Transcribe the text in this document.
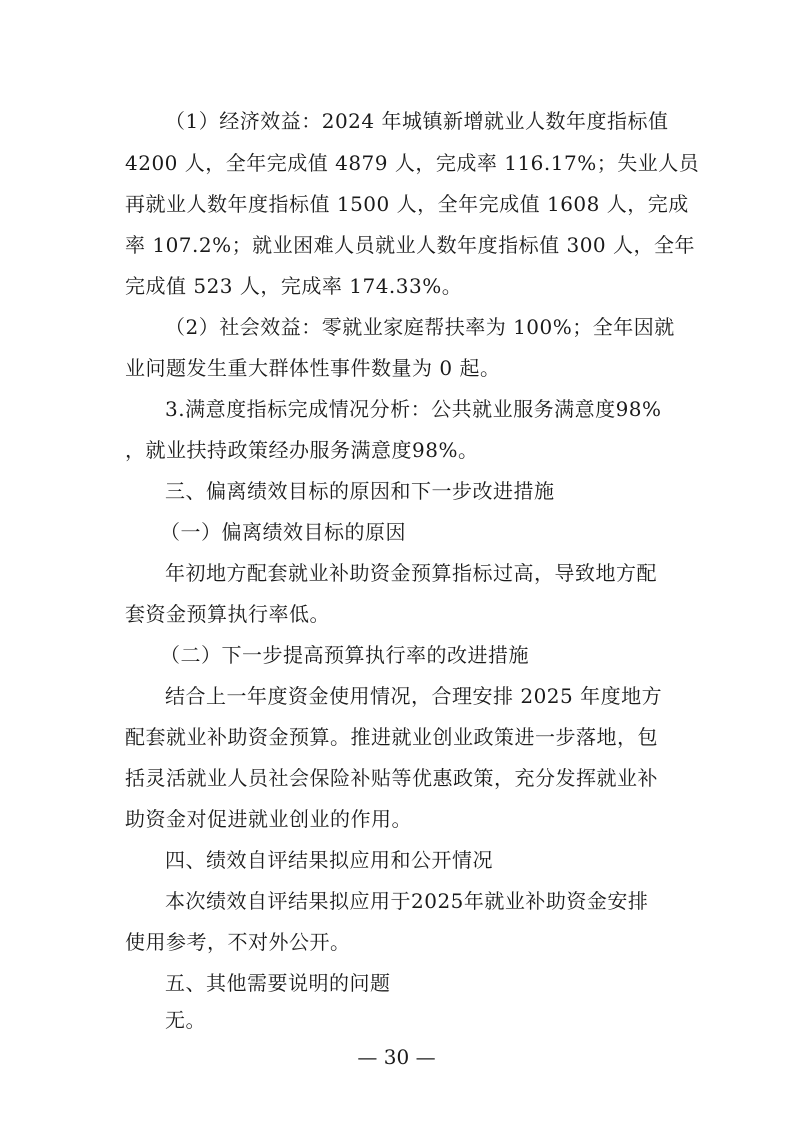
（1）经济效益：2024 年城镇新增就业人数年度指标值
4200 人，全年完成值 4879 人，完成率 116.17%；失业人员
再就业人数年度指标值 1500 人，全年完成值 1608 人，完成
率 107.2%；就业困难人员就业人数年度指标值 300 人，全年
完成值 523 人，完成率 174.33%。
（2）社会效益：零就业家庭帮扶率为 100%；全年因就
业问题发生重大群体性事件数量为 0 起。
3.满意度指标完成情况分析：公共就业服务满意度98%
，就业扶持政策经办服务满意度98%。
三、偏离绩效目标的原因和下一步改进措施
（一）偏离绩效目标的原因
年初地方配套就业补助资金预算指标过高，导致地方配
套资金预算执行率低。
（二）下一步提高预算执行率的改进措施
结合上一年度资金使用情况，合理安排 2025 年度地方
配套就业补助资金预算。推进就业创业政策进一步落地，包
括灵活就业人员社会保险补贴等优惠政策，充分发挥就业补
助资金对促进就业创业的作用。
四、绩效自评结果拟应用和公开情况
本次绩效自评结果拟应用于2025年就业补助资金安排
使用参考，不对外公开。
五、其他需要说明的问题
无。
— 30 —
